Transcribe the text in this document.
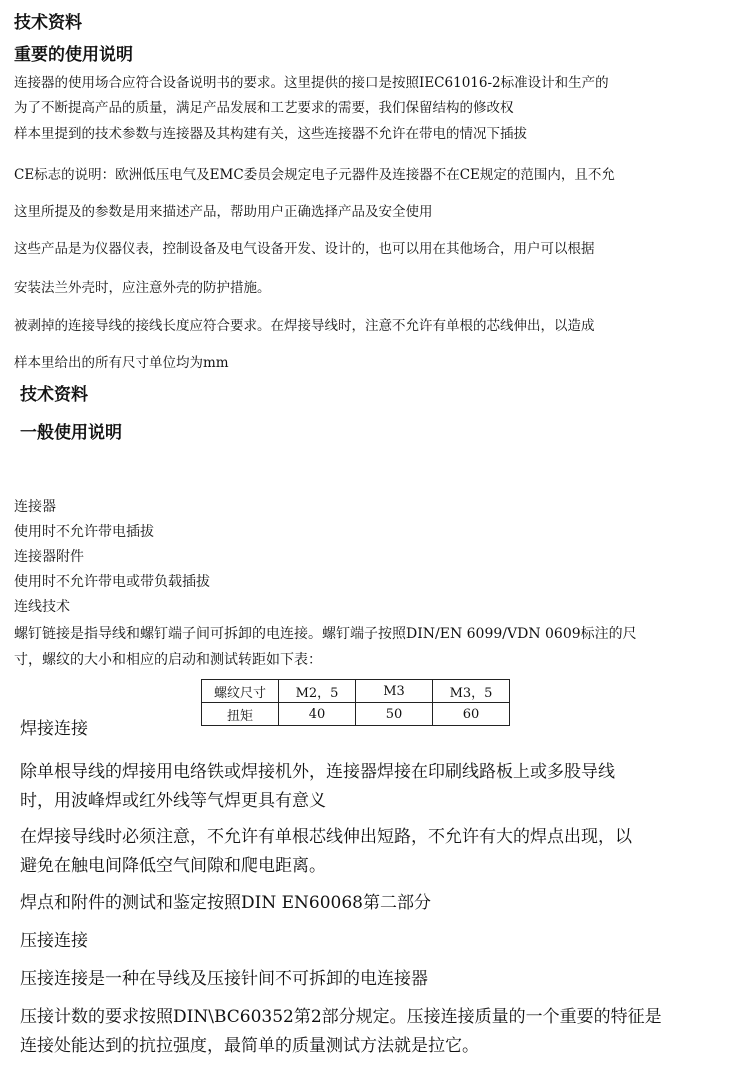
技术资料
重要的使用说明
连接器的使用场合应符合设备说明书的要求。这里提供的接口是按照IEC61016-2标准设计和生产的
为了不断提高产品的质量，满足产品发展和工艺要求的需要，我们保留结构的修改权
样本里提到的技术参数与连接器及其构建有关，这些连接器不允许在带电的情况下插拔
CE标志的说明：欧洲低压电气及EMC委员会规定电子元器件及连接器不在CE规定的范围内，且不允
这里所提及的参数是用来描述产品，帮助用户正确选择产品及安全使用
这些产品是为仪器仪表，控制设备及电气设备开发、设计的，也可以用在其他场合，用户可以根据
安装法兰外壳时，应注意外壳的防护措施。
被剥掉的连接导线的接线长度应符合要求。在焊接导线时，注意不允许有单根的芯线伸出，以造成
样本里给出的所有尺寸单位均为mm
技术资料
一般使用说明
连接器
使用时不允许带电插拔
连接器附件
使用时不允许带电或带负载插拔
连线技术
螺钉链接是指导线和螺钉端子间可拆卸的电连接。螺钉端子按照DIN/EN 6099/VDN 0609标注的尺
寸，螺纹的大小和相应的启动和测试转距如下表：
螺纹尺寸	M2，5	M3	M3，5
扭矩	40	50	60
焊接连接
除单根导线的焊接用电络铁或焊接机外，连接器焊接在印刷线路板上或多股导线
时，用波峰焊或红外线等气焊更具有意义
在焊接导线时必须注意，不允许有单根芯线伸出短路，不允许有大的焊点出现，以
避免在触电间降低空气间隙和爬电距离。
焊点和附件的测试和鉴定按照DIN EN60068第二部分
压接连接
压接连接是一种在导线及压接针间不可拆卸的电连接器
压接计数的要求按照DIN\BC60352第2部分规定。压接连接质量的一个重要的特征是
连接处能达到的抗拉强度，最简单的质量测试方法就是拉它。
